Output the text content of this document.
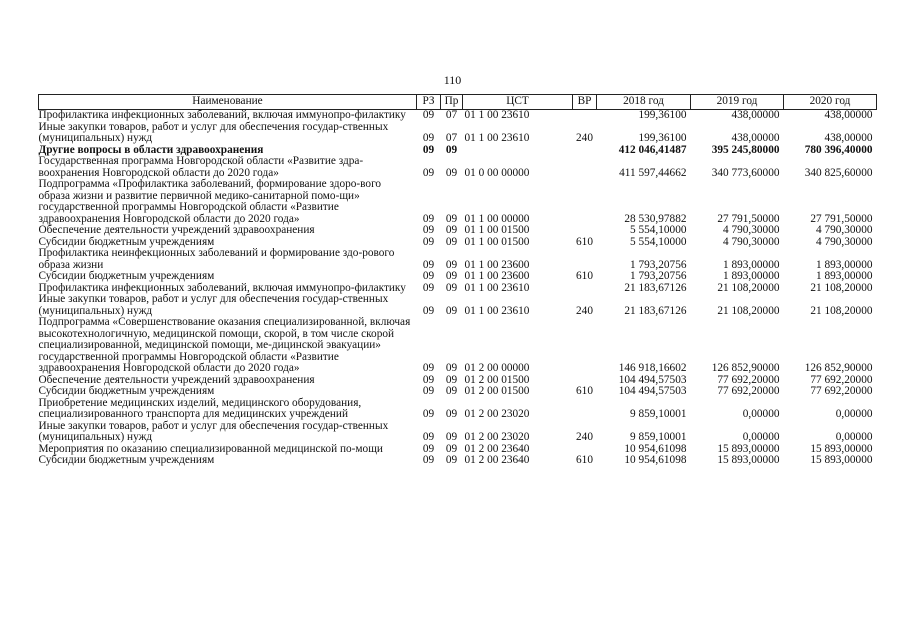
110
Наименование	РЗ	Пр	ЦСТ	ВР	2018 год	2019 год	2020 год
Профилактика инфекционных заболеваний, включая иммунопро-филактику	09	07	01 1 00 23610		199,36100	438,00000	438,00000
Иные закупки товаров, работ и услуг для обеспечения государ-ственных (муниципальных) нужд	09	07	01 1 00 23610	240	199,36100	438,00000	438,00000
Другие вопросы в области здравоохранения	09	09			412 046,41487	395 245,80000	780 396,40000
Государственная программа Новгородской области «Развитие здра-воохранения Новгородской области до 2020 года»	09	09	01 0 00 00000		411 597,44662	340 773,60000	340 825,60000
Подпрограмма «Профилактика заболеваний, формирование здоро-вого образа жизни и развитие первичной медико-санитарной помо-щи» государственной программы Новгородской области «Развитие здравоохранения Новгородской области до 2020 года»	09	09	01 1 00 00000		28 530,97882	27 791,50000	27 791,50000
Обеспечение деятельности учреждений здравоохранения	09	09	01 1 00 01500		5 554,10000	4 790,30000	4 790,30000
Субсидии бюджетным учреждениям	09	09	01 1 00 01500	610	5 554,10000	4 790,30000	4 790,30000
Профилактика неинфекционных заболеваний и формирование здо-рового образа жизни	09	09	01 1 00 23600		1 793,20756	1 893,00000	1 893,00000
Субсидии бюджетным учреждениям	09	09	01 1 00 23600	610	1 793,20756	1 893,00000	1 893,00000
Профилактика инфекционных заболеваний, включая иммунопро-филактику	09	09	01 1 00 23610		21 183,67126	21 108,20000	21 108,20000
Иные закупки товаров, работ и услуг для обеспечения государ-ственных (муниципальных) нужд	09	09	01 1 00 23610	240	21 183,67126	21 108,20000	21 108,20000
Подпрограмма «Совершенствование оказания специализированной, включая высокотехнологичную, медицинской помощи, скорой, в том числе скорой специализированной, медицинской помощи, ме-дицинской эвакуации» государственной программы Новгородской области «Развитие здравоохранения Новгородской области до 2020 года»	09	09	01 2 00 00000		146 918,16602	126 852,90000	126 852,90000
Обеспечение деятельности учреждений здравоохранения	09	09	01 2 00 01500		104 494,57503	77 692,20000	77 692,20000
Субсидии бюджетным учреждениям	09	09	01 2 00 01500	610	104 494,57503	77 692,20000	77 692,20000
Приобретение медицинских изделий, медицинского оборудования, специализированного транспорта для медицинских учреждений	09	09	01 2 00 23020		9 859,10001	0,00000	0,00000
Иные закупки товаров, работ и услуг для обеспечения государ-ственных (муниципальных) нужд	09	09	01 2 00 23020	240	9 859,10001	0,00000	0,00000
Мероприятия по оказанию специализированной медицинской по-мощи	09	09	01 2 00 23640		10 954,61098	15 893,00000	15 893,00000
Субсидии бюджетным учреждениям	09	09	01 2 00 23640	610	10 954,61098	15 893,00000	15 893,00000
